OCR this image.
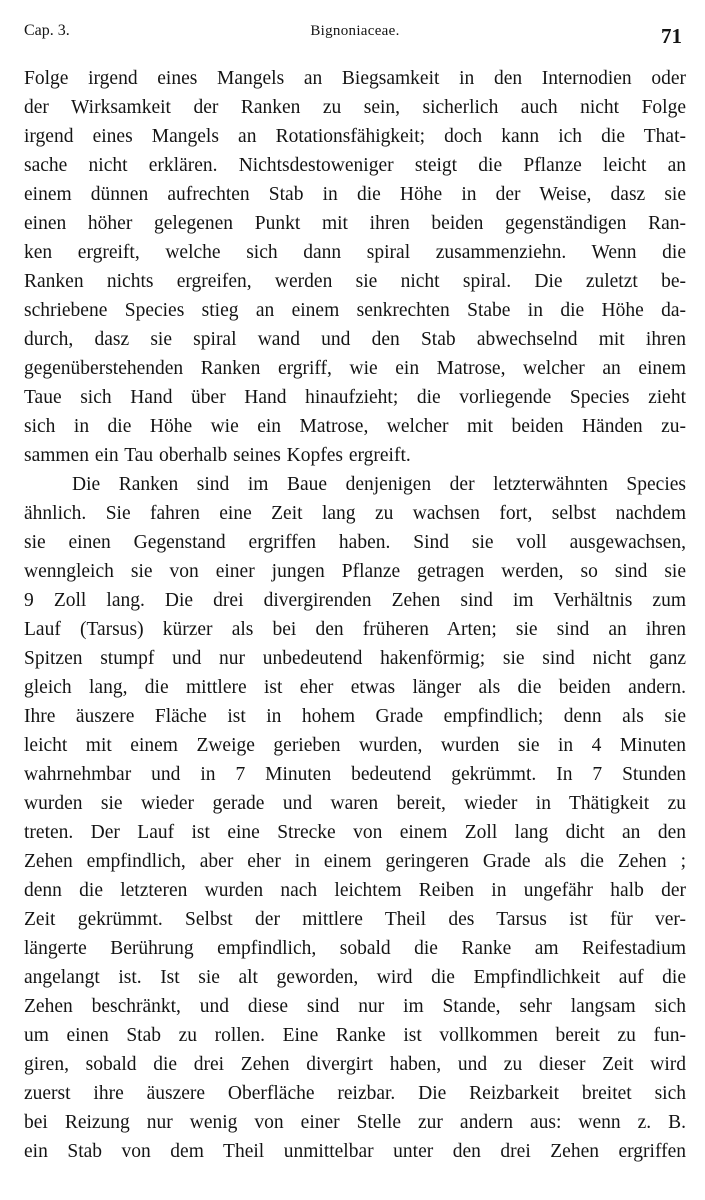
Cap. 3.	Bignoniaceae.	71
Folge irgend eines Mangels an Biegsamkeit in den Internodien oder
der Wirksamkeit der Ranken zu sein, sicherlich auch nicht Folge
irgend eines Mangels an Rotationsfähigkeit; doch kann ich die That-
sache nicht erklären. Nichtsdestoweniger steigt die Pflanze leicht an
einem dünnen aufrechten Stab in die Höhe in der Weise, dasz sie
einen höher gelegenen Punkt mit ihren beiden gegenständigen Ran-
ken ergreift, welche sich dann spiral zusammenziehn. Wenn die
Ranken nichts ergreifen, werden sie nicht spiral. Die zuletzt be-
schriebene Species stieg an einem senkrechten Stabe in die Höhe da-
durch, dasz sie spiral wand und den Stab abwechselnd mit ihren
gegenüberstehenden Ranken ergriff, wie ein Matrose, welcher an einem
Taue sich Hand über Hand hinaufzieht; die vorliegende Species zieht
sich in die Höhe wie ein Matrose, welcher mit beiden Händen zu-
sammen ein Tau oberhalb seines Kopfes ergreift.
Die Ranken sind im Baue denjenigen der letzterwähnten Species
ähnlich. Sie fahren eine Zeit lang zu wachsen fort, selbst nachdem
sie einen Gegenstand ergriffen haben. Sind sie voll ausgewachsen,
wenngleich sie von einer jungen Pflanze getragen werden, so sind sie
9 Zoll lang. Die drei divergirenden Zehen sind im Verhältnis zum
Lauf (Tarsus) kürzer als bei den früheren Arten; sie sind an ihren
Spitzen stumpf und nur unbedeutend hakenförmig; sie sind nicht ganz
gleich lang, die mittlere ist eher etwas länger als die beiden andern.
Ihre äuszere Fläche ist in hohem Grade empfindlich; denn als sie
leicht mit einem Zweige gerieben wurden, wurden sie in 4 Minuten
wahrnehmbar und in 7 Minuten bedeutend gekrümmt. In 7 Stunden
wurden sie wieder gerade und waren bereit, wieder in Thätigkeit zu
treten. Der Lauf ist eine Strecke von einem Zoll lang dicht an den
Zehen empfindlich, aber eher in einem geringeren Grade als die Zehen ;
denn die letzteren wurden nach leichtem Reiben in ungefähr halb der
Zeit gekrümmt. Selbst der mittlere Theil des Tarsus ist für ver-
längerte Berührung empfindlich, sobald die Ranke am Reifestadium
angelangt ist. Ist sie alt geworden, wird die Empfindlichkeit auf die
Zehen beschränkt, und diese sind nur im Stande, sehr langsam sich
um einen Stab zu rollen. Eine Ranke ist vollkommen bereit zu fun-
giren, sobald die drei Zehen divergirt haben, und zu dieser Zeit wird
zuerst ihre äuszere Oberfläche reizbar. Die Reizbarkeit breitet sich
bei Reizung nur wenig von einer Stelle zur andern aus: wenn z. B.
ein Stab von dem Theil unmittelbar unter den drei Zehen ergriffen
